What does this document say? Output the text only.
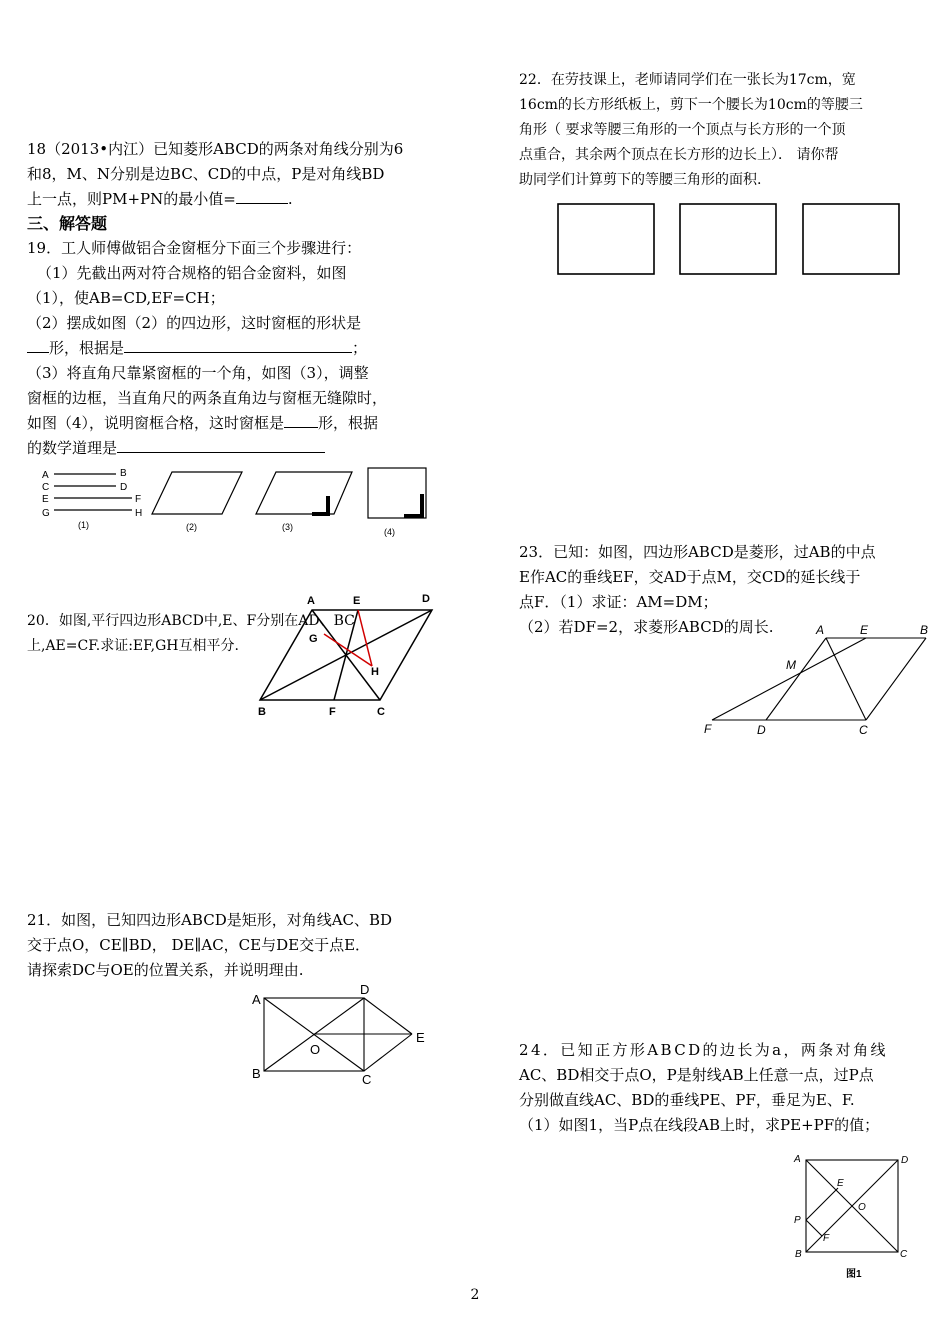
18（2013•内江）已知菱形ABCD的两条对角线分别为6

和8，M、N分别是边BC、CD的中点，P是对角线BD

上一点，则PM+PN的最小值=	.

三、解答题

19．工人师傅做铝合金窗框分下面三个步骤进行：

（1）先截出两对符合规格的铝合金窗料，如图

（1），使AB=CD,EF=CH；

（2）摆成如图（2）的四边形，这时窗框的形状是

形，根据是	；

（3）将直角尺靠紧窗框的一个角，如图（3），调整

窗框的边框，当直角尺的两条直角边与窗框无缝隙时，

如图（4），说明窗框合格，这时窗框是 形，根据

的数学道理是

A	B
C	D
E	F
G	H
(1)	(2)	(3)	(4)

20．如图,平行四边形ABCD中,E、F分别在AD、BC

上,AE=CF.求证:EF,GH互相平分.

A	E	D
G
H
B	F	C

21．如图，已知四边形ABCD是矩形，对角线AC、BD

交于点O，CE∥BD， DE∥AC，CE与DE交于点E．

请探索DC与OE的位置关系，并说明理由.

A
D
O
E
B	C

22．在劳技课上，老师请同学们在一张长为17cm，宽

16cm的长方形纸板上，剪下一个腰长为10cm的等腰三

角形（ 要求等腰三角形的一个顶点与长方形的一个顶

点重合，其余两个顶点在长方形的边长上）． 请你帮

助同学们计算剪下的等腰三角形的面积.

23．已知：如图，四边形ABCD是菱形，过AB的中点

E作AC的垂线EF，交AD于点M，交CD的延长线于

点F．（1）求证：AM=DM；

（2）若DF=2，求菱形ABCD的周长.	A	E	B
M
F	D	C

24．已知正方形ABCD的边长为a，两条对角线

AC、BD相交于点O，P是射线AB上任意一点，过P点

分别做直线AC、BD的垂线PE、PF，垂足为E、F.

（1）如图1，当P点在线段AB上时，求PE+PF的值；

A	D
E
O
P
F
B	C
图1
2
